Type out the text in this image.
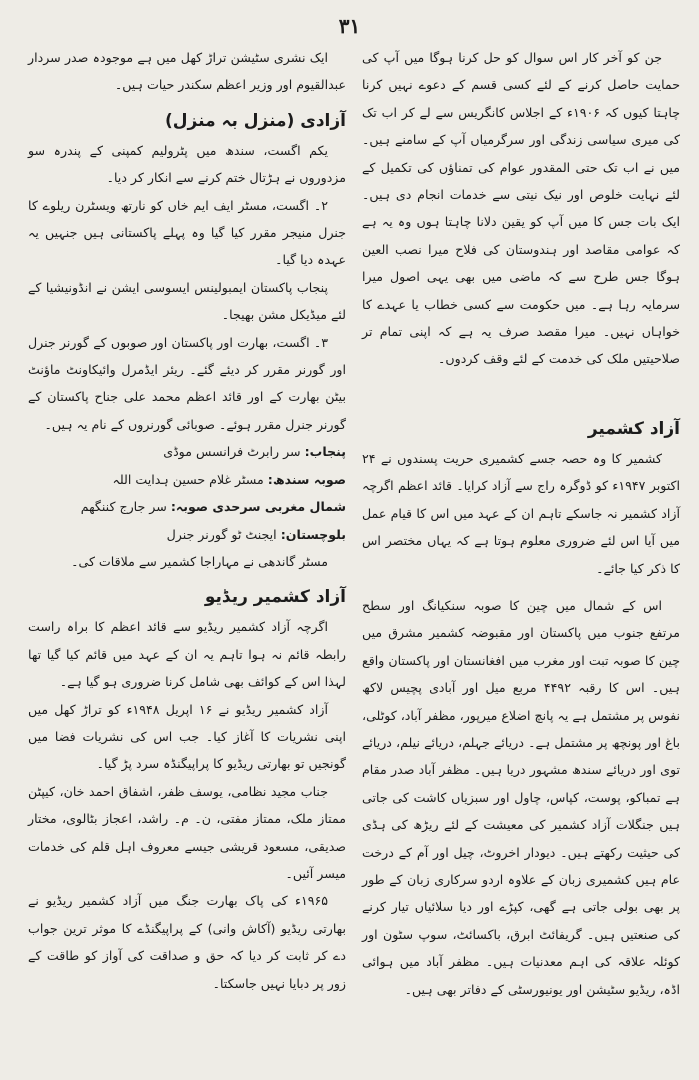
۳۱

جن کو آخر کار اس سوال کو حل کرنا ہوگا میں آپ کی حمایت حاصل کرنے کے لئے کسی قسم کے دعوے نہیں کرنا چاہتا کیوں کہ ۱۹۰۶ء کے اجلاس کانگریس سے لے کر اب تک کی میری سیاسی زندگی اور سرگرمیاں آپ کے سامنے ہیں۔ میں نے اب تک حتی المقدور عوام کی تمناؤں کی تکمیل کے لئے نہایت خلوص اور نیک نیتی سے خدمات انجام دی ہیں۔ ایک بات جس کا میں آپ کو یقین دلانا چاہتا ہوں وہ یہ ہے کہ عوامی مقاصد اور ہندوستان کی فلاح میرا نصب العین ہوگا جس طرح سے کہ ماضی میں بھی یہی اصول میرا سرمایہ رہا ہے۔ میں حکومت سے کسی خطاب یا عہدے کا خواہاں نہیں۔ میرا مقصد صرف یہ ہے کہ اپنی تمام تر صلاحیتیں ملک کی خدمت کے لئے وقف کردوں۔

آزاد کشمیر

کشمیر کا وہ حصہ جسے کشمیری حریت پسندوں نے ۲۴ اکتوبر ۱۹۴۷ء کو ڈوگرہ راج سے آزاد کرایا۔ قائد اعظم اگرچہ آزاد کشمیر نہ جاسکے تاہم ان کے عہد میں اس کا قیام عمل میں آیا اس لئے ضروری معلوم ہوتا ہے کہ یہاں مختصر اس کا ذکر کیا جائے۔

اس کے شمال میں چین کا صوبہ سنکیانگ اور سطح مرتفع جنوب میں پاکستان اور مقبوضہ کشمیر مشرق میں چین کا صوبہ تبت اور مغرب میں افغانستان اور پاکستان واقع ہیں۔ اس کا رقبہ ۴۴۹۲ مربع میل اور آبادی پچیس لاکھ نفوس پر مشتمل ہے یہ پانچ اضلاع میرپور، مظفر آباد، کوٹلی، باغ اور پونچھ پر مشتمل ہے۔ دریائے جہلم، دریائے نیلم، دریائے توی اور دریائے سندھ مشہور دریا ہیں۔ مظفر آباد صدر مقام ہے تمباکو، پوست، کپاس، چاول اور سبزیاں کاشت کی جاتی ہیں جنگلات آزاد کشمیر کی معیشت کے لئے ریڑھ کی ہڈی کی حیثیت رکھتے ہیں۔ دیودار اخروٹ، چیل اور آم کے درخت عام ہیں کشمیری زبان کے علاوہ اردو سرکاری زبان کے طور پر بھی بولی جاتی ہے گھی، کپڑے اور دیا سلائیاں تیار کرنے کی صنعتیں ہیں۔ گریفائٹ ابرق، باکسائٹ، سوپ سٹون اور کوئلہ علاقہ کی اہم معدنیات ہیں۔ مظفر آباد میں ہوائی اڈہ، ریڈیو سٹیشن اور یونیورسٹی کے دفاتر بھی ہیں۔

ایک نشری سٹیشن تراڑ کھل میں ہے موجودہ صدر سردار عبدالقیوم اور وزیر اعظم سکندر حیات ہیں۔

آزادی (منزل بہ منزل)

یکم اگست، سندھ میں پٹرولیم کمپنی کے پندرہ سو مزدوروں نے ہڑتال ختم کرنے سے انکار کر دیا۔

۲۔ اگست، مسٹر ایف ایم خاں کو نارتھ ویسٹرن ریلوے کا جنرل منیجر مقرر کیا گیا وہ پہلے پاکستانی ہیں جنہیں یہ عہدہ دیا گیا۔

پنجاب پاکستان ایمبولینس ایسوسی ایشن نے انڈونیشیا کے لئے میڈیکل مشن بھیجا۔

۳۔ اگست، بھارت اور پاکستان اور صوبوں کے گورنر جنرل اور گورنر مقرر کر دیئے گئے۔ ریئر ایڈمرل وائیکاونٹ ماؤنٹ بیٹن بھارت کے اور قائد اعظم محمد علی جناح پاکستان کے گورنر جنرل مقرر ہوئے۔ صوبائی گورنروں کے نام یہ ہیں۔

پنجاب: سر رابرٹ فرانسس موڈی
صوبہ سندھ: مسٹر غلام حسین ہدایت اللہ
شمال مغربی سرحدی صوبہ: سر جارج کننگھم
بلوچستان: ایجنٹ ٹو گورنر جنرل

مسٹر گاندھی نے مہاراجا کشمیر سے ملاقات کی۔

آزاد کشمیر ریڈیو

اگرچہ آزاد کشمیر ریڈیو سے قائد اعظم کا براہ راست رابطہ قائم نہ ہوا تاہم یہ ان کے عہد میں قائم کیا گیا تھا لہذا اس کے کوائف بھی شامل کرنا ضروری ہو گیا ہے۔

آزاد کشمیر ریڈیو نے ۱۶ اپریل ۱۹۴۸ء کو تراڑ کھل میں اپنی نشریات کا آغاز کیا۔ جب اس کی نشریات فضا میں گونجیں تو بھارتی ریڈیو کا پراپیگنڈہ سرد پڑ گیا۔

جناب مجید نظامی، یوسف ظفر، اشفاق احمد خان، کیپٹن ممتاز ملک، ممتاز مفتی، ن۔ م۔ راشد، اعجاز بٹالوی، مختار صدیقی، مسعود قریشی جیسے معروف اہل قلم کی خدمات میسر آئیں۔

۱۹۶۵ء کی پاک بھارت جنگ میں آزاد کشمیر ریڈیو نے بھارتی ریڈیو (آکاش وانی) کے پراپیگنڈے کا موثر ترین جواب دے کر ثابت کر دیا کہ حق و صداقت کی آواز کو طاقت کے زور پر دبایا نہیں جاسکتا۔
